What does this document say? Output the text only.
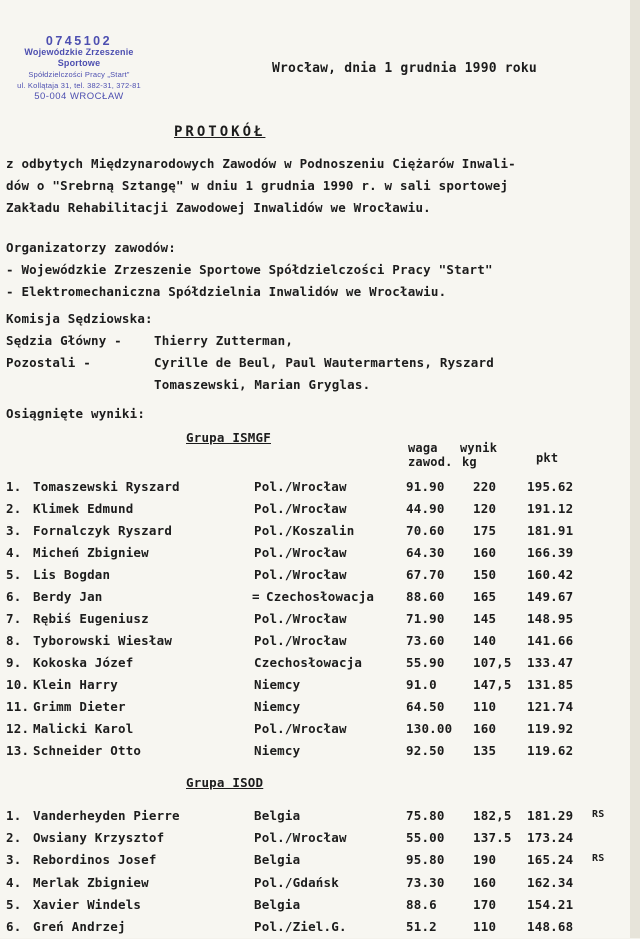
0745102
Wojewódzkie Zrzeszenie Sportowe
Spółdzielczości Pracy „Start”
ul. Kollątaja 31, tel. 382-31, 372-81
50-004 WROCŁAW
Wrocław, dnia 1 grudnia 1990 roku
PROTOKÓŁ
z odbytych Międzynarodowych Zawodów w Podnoszeniu Ciężarów Inwali-
dów o "Srebrną Sztangę" w dniu 1 grudnia 1990 r. w sali sportowej
Zakładu Rehabilitacji Zawodowej Inwalidów we Wrocławiu.
Organizatorzy zawodów:
- Wojewódzkie Zrzeszenie Sportowe Spółdzielczości Pracy "Start"
- Elektromechaniczna Spółdzielnia Inwalidów we Wrocławiu.
Komisja Sędziowska:
Sędzia Główny -	Thierry Zutterman,
Pozostali -	Cyrille de Beul, Paul Wautermartens, Ryszard
Tomaszewski, Marian Gryglas.
Osiągnięte wyniki:
Grupa ISMGF
waga
zawod.
wynik
kg	pkt
1. Tomaszewski Ryszard	Pol./Wrocław	91.90 220 195.62
2. Klimek Edmund	Pol./Wrocław	44.90 120 191.12
3. Fornalczyk Ryszard	Pol./Koszalin	70.60 175 181.91
4. Micheń Zbigniew	Pol./Wrocław	64.30 160 166.39
5. Lis Bogdan	Pol./Wrocław	67.70 150 160.42
6. Berdy Jan	= Czechosłowacja	88.60 165 149.67
7. Rębiś Eugeniusz	Pol./Wrocław	71.90 145 148.95
8. Tyborowski Wiesław	Pol./Wrocław	73.60 140 141.66
9. Kokoska Józef	Czechosłowacja	55.90 107,5 133.47
10. Klein Harry	Niemcy	91.0	147,5 131.85
11. Grimm Dieter	Niemcy	64.50 110 121.74
12. Malicki Karol	Pol./Wrocław	130.00 160 119.92
13. Schneider Otto	Niemcy	92.50 135 119.62
Grupa ISOD
1. Vanderheyden Pierre	Belgia	75.80 182,5 181.29 RS
2. Owsiany Krzysztof	Pol./Wrocław	55.00 137.5 173.24
3. Rebordinos Josef	Belgia	95.80 190 165.24 RS
4. Merlak Zbigniew	Pol./Gdańsk	73.30 160 162.34
5. Xavier Windels	Belgia	88.6	170 154.21
6. Greń Andrzej	Pol./Ziel.G.	51.2	110 148.68
